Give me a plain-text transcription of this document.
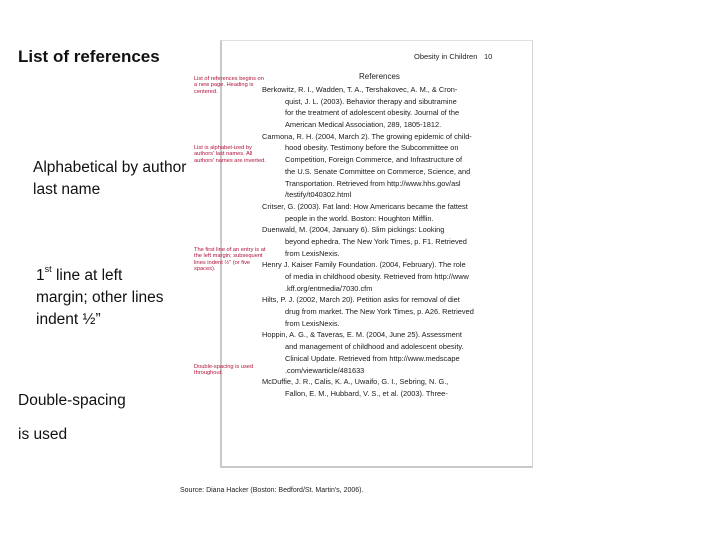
List of references
Alphabetical by author last name
1st line at left margin; other lines indent ½”
Double-spacing
is used
Obesity in Children 10
References
List of references begins on a new page. Heading is centered.
List is alphabet-ized by authors' last names. All authors' names are inverted.
The first line of an entry is at the left margin; subsequent lines indent ½" (or five spaces).
Double-spacing is used throughout.
Berkowitz, R. I., Wadden, T. A., Tershakovec, A. M., & Cron-
quist, J. L. (2003). Behavior therapy and sibutramine
for the treatment of adolescent obesity. Journal of the
American Medical Association, 289, 1805-1812.
Carmona, R. H. (2004, March 2). The growing epidemic of child-
hood obesity. Testimony before the Subcommittee on
Competition, Foreign Commerce, and Infrastructure of
the U.S. Senate Committee on Commerce, Science, and
Transportation. Retrieved from http://www.hhs.gov/asl
/testify/t040302.html
Critser, G. (2003). Fat land: How Americans became the fattest
people in the world. Boston: Houghton Mifflin.
Duenwald, M. (2004, January 6). Slim pickings: Looking
beyond ephedra. The New York Times, p. F1. Retrieved
from LexisNexis.
Henry J. Kaiser Family Foundation. (2004, February). The role
of media in childhood obesity. Retrieved from http://www
.kff.org/entmedia/7030.cfm
Hilts, P. J. (2002, March 20). Petition asks for removal of diet
drug from market. The New York Times, p. A26. Retrieved
from LexisNexis.
Hoppin, A. G., & Taveras, E. M. (2004, June 25). Assessment
and management of childhood and adolescent obesity.
Clinical Update. Retrieved from http://www.medscape
.com/viewarticle/481633
McDuffie, J. R., Calis, K. A., Uwaifo, G. I., Sebring, N. G.,
Fallon, E. M., Hubbard, V. S., et al. (2003). Three-
Source: Diana Hacker (Boston: Bedford/St. Martin's, 2006).
